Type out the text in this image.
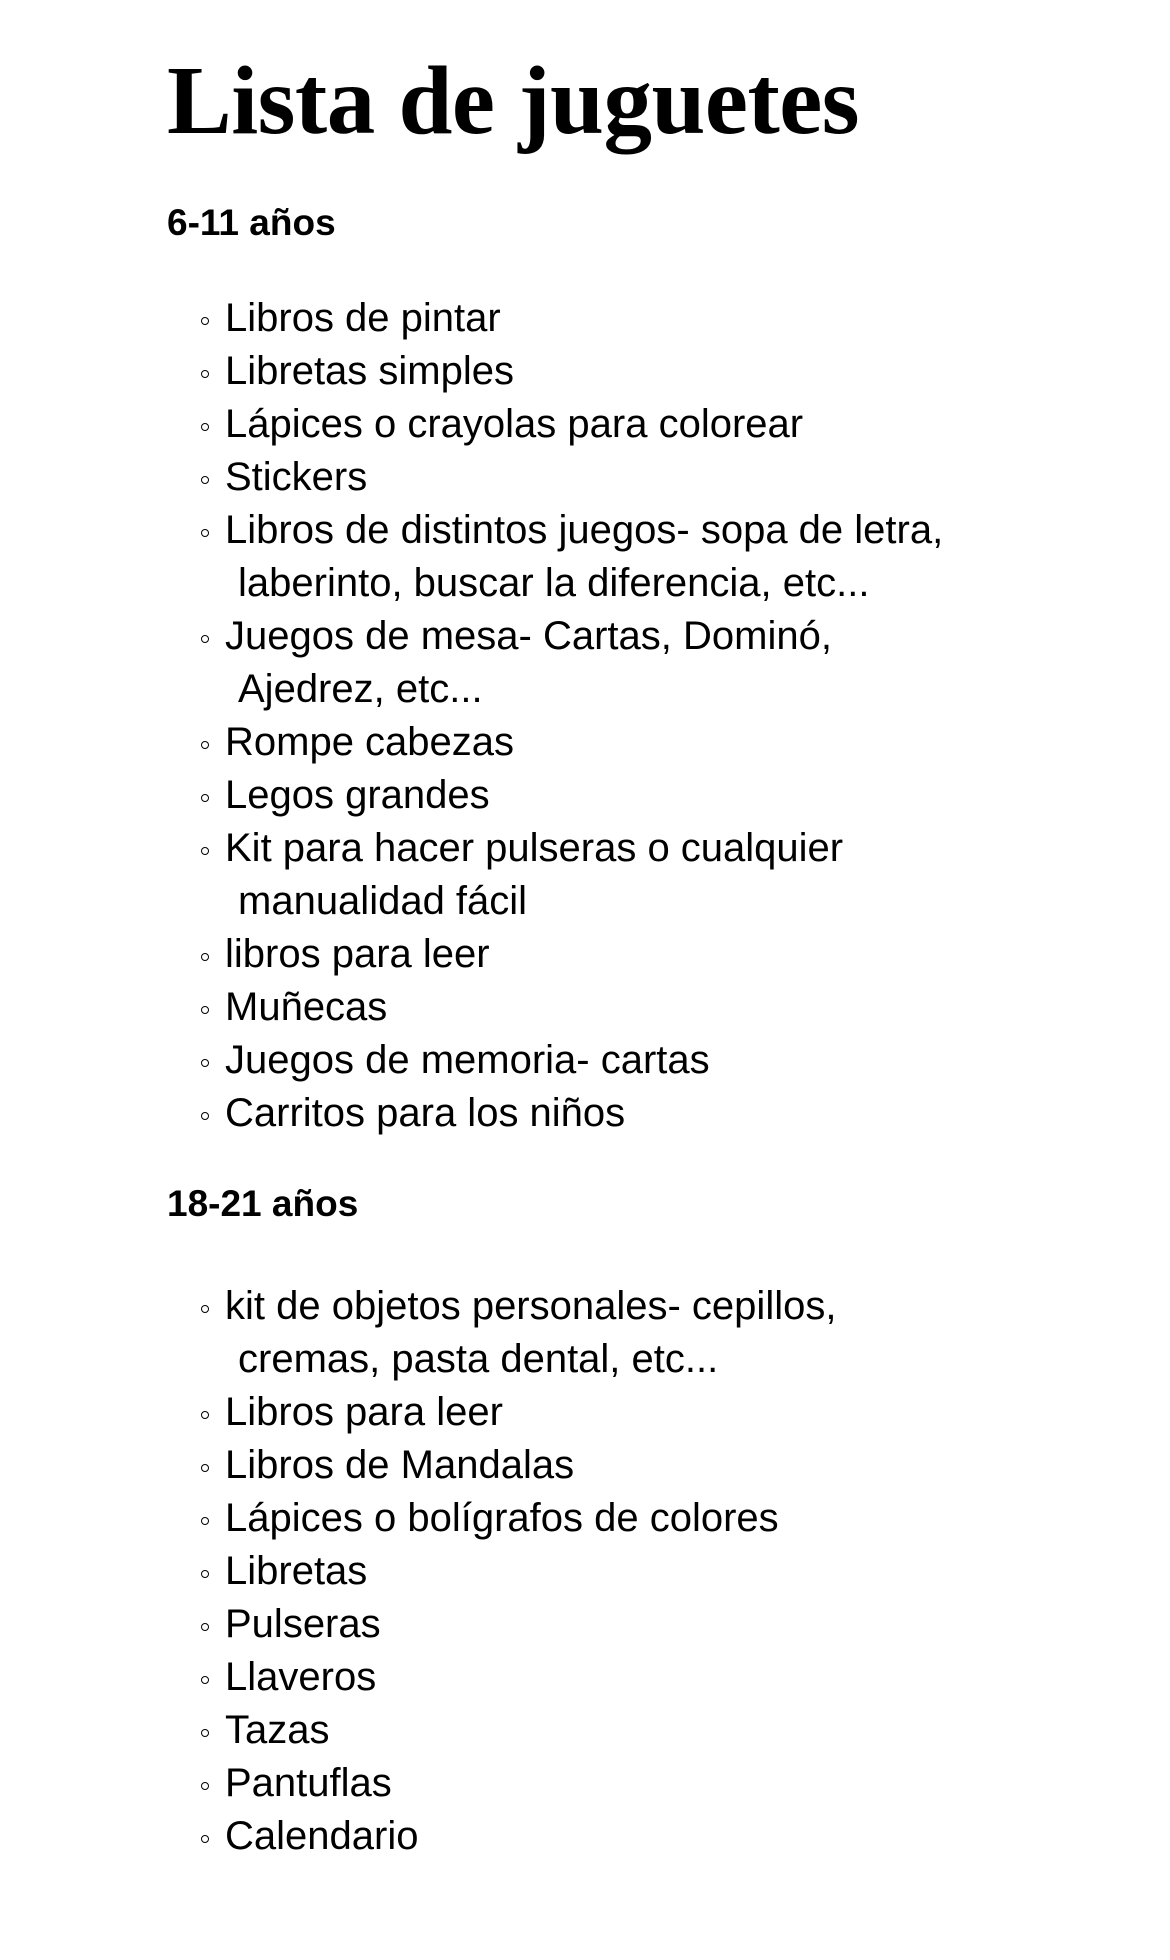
Lista de juguetes
6-11 años
Libros de pintar
Libretas simples
Lápices o crayolas para colorear
Stickers
Libros de distintos juegos- sopa de letra,
laberinto, buscar la diferencia, etc...
Juegos de mesa- Cartas, Dominó,
Ajedrez, etc...
Rompe cabezas
Legos grandes
Kit para hacer pulseras o cualquier
manualidad fácil
libros para leer
Muñecas
Juegos de memoria- cartas
Carritos para los niños
18-21 años
kit de objetos personales- cepillos,
cremas, pasta dental, etc...
Libros para leer
Libros de Mandalas
Lápices o bolígrafos de colores
Libretas
Pulseras
Llaveros
Tazas
Pantuflas
Calendario
